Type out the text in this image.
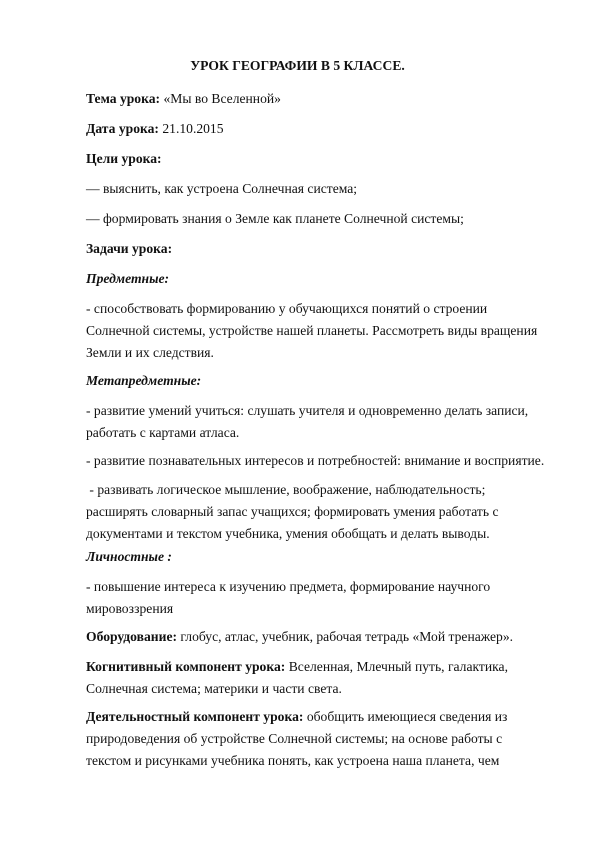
УРОК ГЕОГРАФИИ В 5 КЛАССЕ.

Тема урока: «Мы во Вселенной»

Дата урока: 21.10.2015

Цели урока:

— выяснить, как устроена Солнечная система;

— формировать знания о Земле как планете Солнечной системы;

Задачи урока:

Предметные:

- способствовать формированию у обучающихся понятий о строении
Солнечной системы, устройстве нашей планеты. Рассмотреть виды вращения
Земли и их следствия.

Метапредметные:

- развитие умений учиться: слушать учителя и одновременно делать записи,
работать с картами атласа.

- развитие познавательных интересов и потребностей: внимание и восприятие.

- развивать логическое мышление, воображение, наблюдательность;
расширять словарный запас учащихся; формировать умения работать с
документами и текстом учебника, умения обобщать и делать выводы.

Личностные :

- повышение интереса к изучению предмета, формирование научного
мировоззрения

Оборудование: глобус, атлас, учебник, рабочая тетрадь «Мой тренажер».

Когнитивный компонент урока: Вселенная, Млечный путь, галактика,
Солнечная система; материки и части света.

Деятельностный компонент урока: обобщить имеющиеся сведения из
природоведения об устройстве Солнечной системы; на основе работы с
текстом и рисунками учебника понять, как устроена наша планета, чем
